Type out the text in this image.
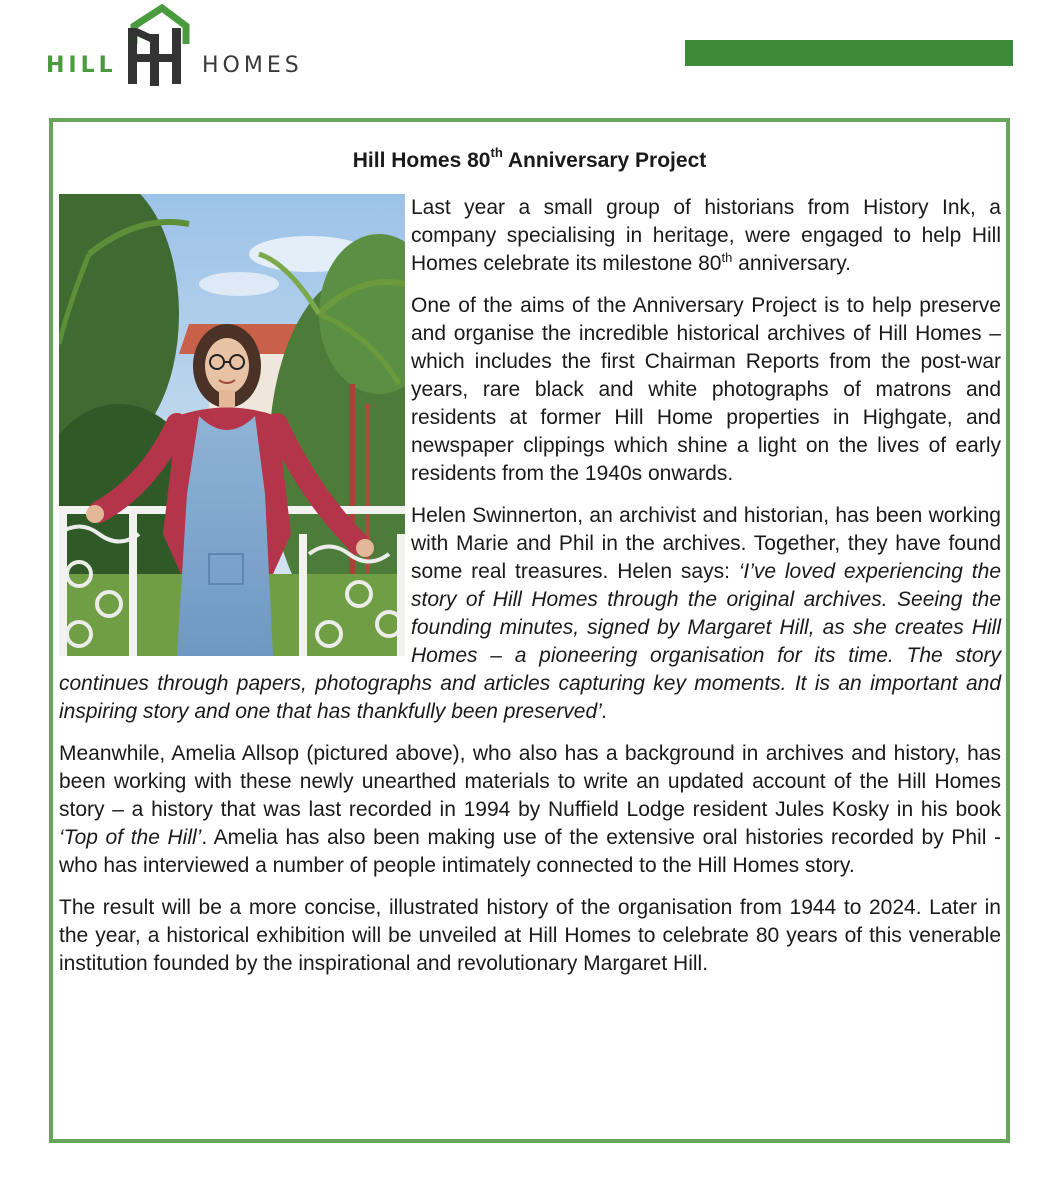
HILL	HOMES
Hill Homes 80th Anniversary Project

Last year a small group of historians from History Ink, a company specialising in heritage, were engaged to help Hill Homes celebrate its milestone 80th anniversary.

One of the aims of the Anniversary Project is to help preserve and organise the incredible historical archives of Hill Homes – which includes the first Chairman Reports from the post-war years, rare black and white photographs of matrons and residents at former Hill Home properties in Highgate, and newspaper clippings which shine a light on the lives of early residents from the 1940s onwards.

Helen Swinnerton, an archivist and historian, has been working with Marie and Phil in the archives. Together, they have found some real treasures. Helen says: ‘I’ve loved experiencing the story of Hill Homes through the original archives. Seeing the founding minutes, signed by Margaret Hill, as she creates Hill Homes – a pioneering organisation for its time. The story continues through papers, photographs and articles capturing key moments. It is an important and inspiring story and one that has thankfully been preserved’.

Meanwhile, Amelia Allsop (pictured above), who also has a background in archives and history, has been working with these newly unearthed materials to write an updated account of the Hill Homes story – a history that was last recorded in 1994 by Nuffield Lodge resident Jules Kosky in his book ‘Top of the Hill’. Amelia has also been making use of the extensive oral histories recorded by Phil - who has interviewed a number of people intimately connected to the Hill Homes story.

The result will be a more concise, illustrated history of the organisation from 1944 to 2024. Later in the year, a historical exhibition will be unveiled at Hill Homes to celebrate 80 years of this venerable institution founded by the inspirational and revolutionary Margaret Hill.
